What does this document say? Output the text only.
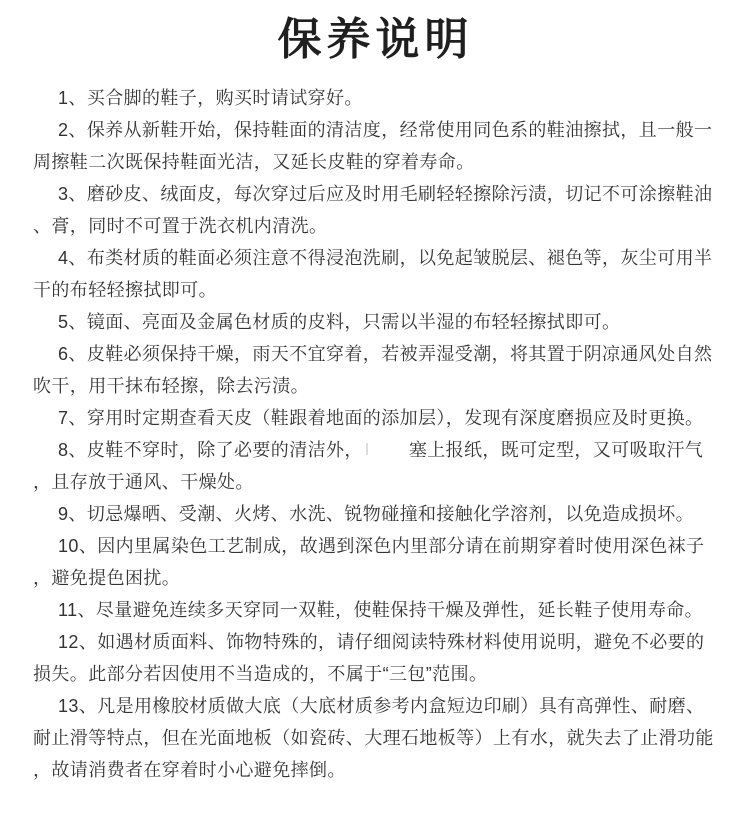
保养说明

1、买合脚的鞋子，购买时请试穿好。

2、保养从新鞋开始，保持鞋面的清洁度，经常使用同色系的鞋油擦拭，且一般一周擦鞋二次既保持鞋面光洁，又延长皮鞋的穿着寿命。

3、磨砂皮、绒面皮，每次穿过后应及时用毛刷轻轻擦除污渍，切记不可涂擦鞋油、膏，同时不可置于洗衣机内清洗。

4、布类材质的鞋面必须注意不得浸泡洗刷，以免起皱脱层、褪色等，灰尘可用半干的布轻轻擦拭即可。

5、镜面、亮面及金属色材质的皮料，只需以半湿的布轻轻擦拭即可。

6、皮鞋必须保持干燥，雨天不宜穿着，若被弄湿受潮，将其置于阴凉通风处自然吹干，用干抹布轻擦，除去污渍。

7、穿用时定期查看天皮（鞋跟着地面的添加层），发现有深度磨损应及时更换。

8、皮鞋不穿时，除了必要的清洁外，	塞上报纸，既可定型，又可吸取汗气，且存放于通风、干燥处。

9、切忌爆晒、受潮、火烤、水洗、锐物碰撞和接触化学溶剂，以免造成损坏。

10、因内里属染色工艺制成，故遇到深色内里部分请在前期穿着时使用深色袜子，避免提色困扰。

11、尽量避免连续多天穿同一双鞋，使鞋保持干燥及弹性，延长鞋子使用寿命。

12、如遇材质面料、饰物特殊的，请仔细阅读特殊材料使用说明，避免不必要的损失。此部分若因使用不当造成的，不属于“三包”范围。

13、凡是用橡胶材质做大底（大底材质参考内盒短边印刷）具有高弹性、耐磨、耐止滑等特点，但在光面地板（如瓷砖、大理石地板等）上有水，就失去了止滑功能，故请消费者在穿着时小心避免摔倒。
